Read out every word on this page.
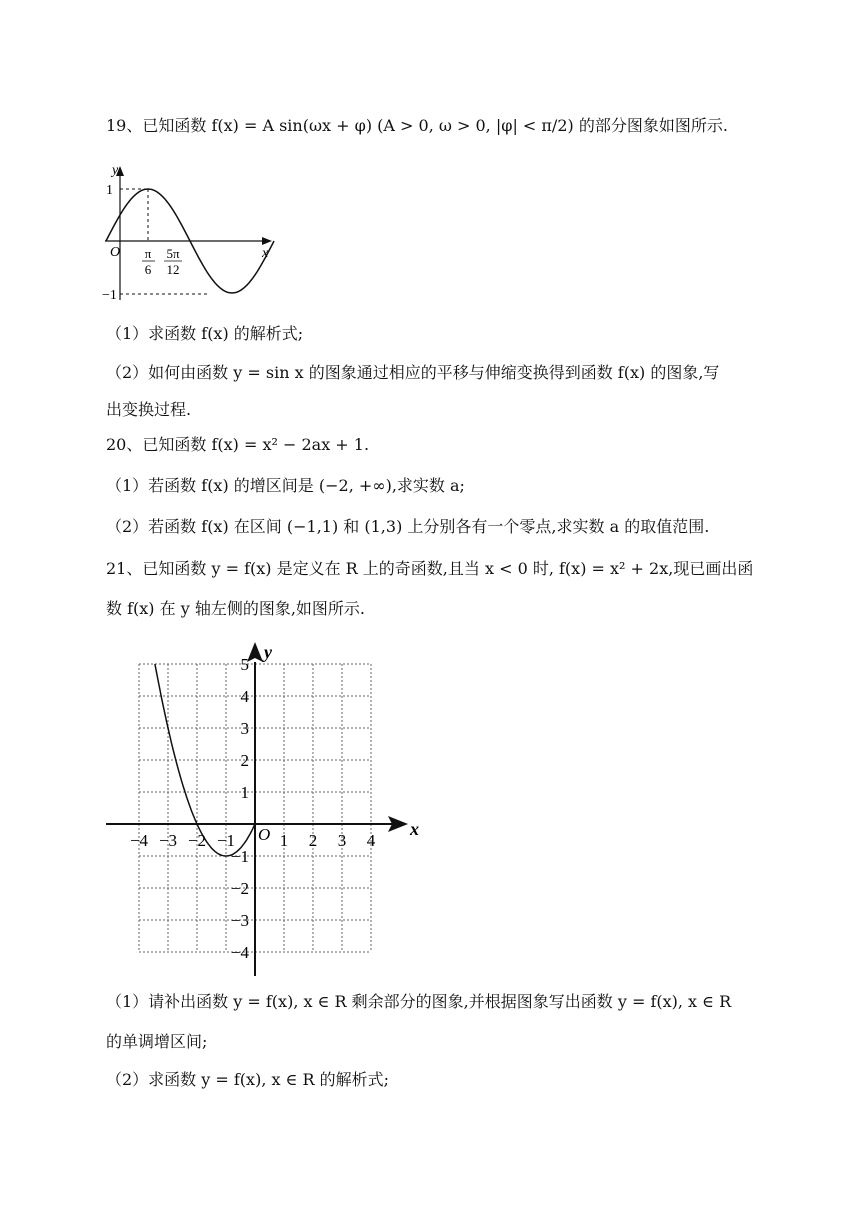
19、已知函数 f(x) = A sin(ωx + φ) (A > 0, ω > 0, |φ| < π/2) 的部分图象如图所示.
y
x
O
1
−1
π
6
5π
12
（1）求函数 f(x) 的解析式;
（2）如何由函数 y = sin x 的图象通过相应的平移与伸缩变换得到函数 f(x) 的图象,写
出变换过程.
20、已知函数 f(x) = x² − 2ax + 1.
（1）若函数 f(x) 的增区间是 (−2, +∞),求实数 a;
（2）若函数 f(x) 在区间 (−1,1) 和 (1,3) 上分别各有一个零点,求实数 a 的取值范围.
21、已知函数 y = f(x) 是定义在 R 上的奇函数,且当 x < 0 时, f(x) = x² + 2x,现已画出函
数 f(x) 在 y 轴左侧的图象,如图所示.
−4 −3 −2 −1	1 2 3 4
5
4
3
2
1
−1
−2
−3
−4
x
y
O
（1）请补出函数 y = f(x), x ∈ R 剩余部分的图象,并根据图象写出函数 y = f(x), x ∈ R
的单调增区间;
（2）求函数 y = f(x), x ∈ R 的解析式;
